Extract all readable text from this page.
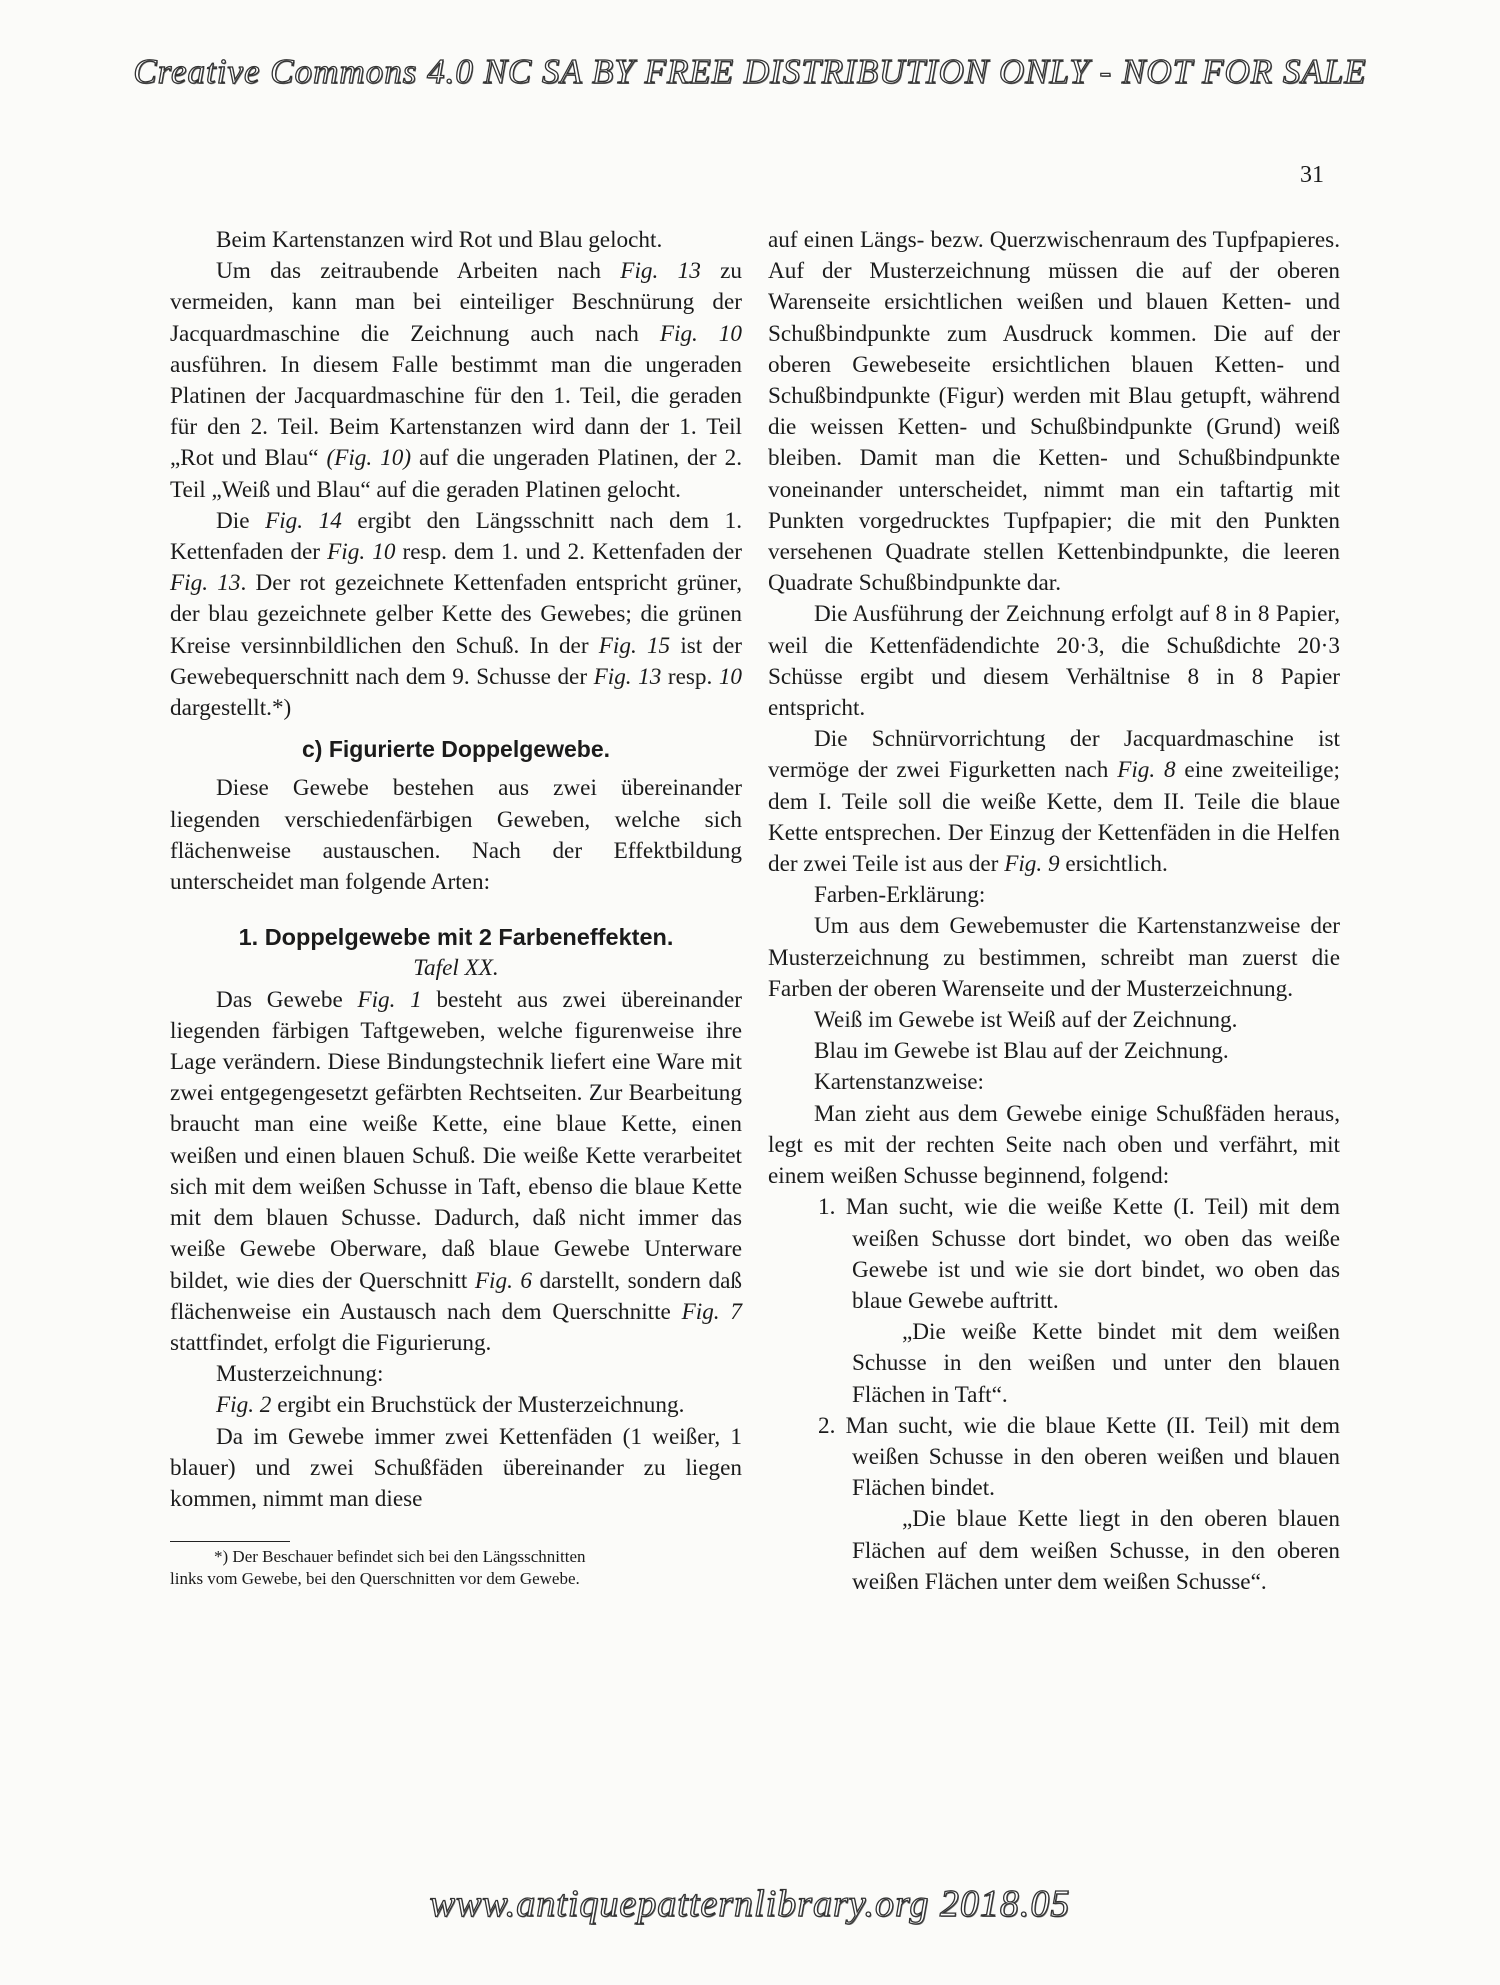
Creative Commons 4.0 NC SA BY FREE DISTRIBUTION ONLY - NOT FOR SALE
31

Beim Kartenstanzen wird Rot und Blau gelocht.

Um das zeitraubende Arbeiten nach Fig. 13 zu vermeiden, kann man bei einteiliger Beschnürung der Jacquardmaschine die Zeichnung auch nach Fig. 10 ausführen. In diesem Falle bestimmt man die ungeraden Platinen der Jacquardmaschine für den 1. Teil, die geraden für den 2. Teil. Beim Kartenstanzen wird dann der 1. Teil „Rot und Blau“ (Fig. 10) auf die ungeraden Platinen, der 2. Teil „Weiß und Blau“ auf die geraden Platinen gelocht.

Die Fig. 14 ergibt den Längsschnitt nach dem 1. Kettenfaden der Fig. 10 resp. dem 1. und 2. Kettenfaden der Fig. 13. Der rot gezeichnete Kettenfaden entspricht grüner, der blau gezeichnete gelber Kette des Gewebes; die grünen Kreise versinnbildlichen den Schuß. In der Fig. 15 ist der Gewebequerschnitt nach dem 9. Schusse der Fig. 13 resp. 10 dargestellt.*)

c) Figurierte Doppelgewebe.

Diese Gewebe bestehen aus zwei übereinander liegenden verschiedenfärbigen Geweben, welche sich flächenweise austauschen. Nach der Effektbildung unterscheidet man folgende Arten:

1. Doppelgewebe mit 2 Farbeneffekten.
Tafel XX.

Das Gewebe Fig. 1 besteht aus zwei übereinander liegenden färbigen Taftgeweben, welche figurenweise ihre Lage verändern. Diese Bindungstechnik liefert eine Ware mit zwei entgegengesetzt gefärbten Rechtseiten. Zur Bearbeitung braucht man eine weiße Kette, eine blaue Kette, einen weißen und einen blauen Schuß. Die weiße Kette verarbeitet sich mit dem weißen Schusse in Taft, ebenso die blaue Kette mit dem blauen Schusse. Dadurch, daß nicht immer das weiße Gewebe Oberware, daß blaue Gewebe Unterware bildet, wie dies der Querschnitt Fig. 6 darstellt, sondern daß flächenweise ein Austausch nach dem Querschnitte Fig. 7 stattfindet, erfolgt die Figurierung.

Musterzeichnung:

Fig. 2 ergibt ein Bruchstück der Musterzeichnung.

Da im Gewebe immer zwei Kettenfäden (1 weißer, 1 blauer) und zwei Schußfäden übereinander zu liegen kommen, nimmt man diese

*) Der Beschauer befindet sich bei den Längsschnitten
links vom Gewebe, bei den Querschnitten vor dem Gewebe.

auf einen Längs- bezw. Querzwischenraum des Tupfpapieres. Auf der Musterzeichnung müssen die auf der oberen Warenseite ersichtlichen weißen und blauen Ketten- und Schußbindpunkte zum Ausdruck kommen. Die auf der oberen Gewebeseite ersichtlichen blauen Ketten- und Schußbindpunkte (Figur) werden mit Blau getupft, während die weissen Ketten- und Schußbindpunkte (Grund) weiß bleiben. Damit man die Ketten- und Schußbindpunkte voneinander unterscheidet, nimmt man ein taftartig mit Punkten vorgedrucktes Tupfpapier; die mit den Punkten versehenen Quadrate stellen Kettenbindpunkte, die leeren Quadrate Schußbindpunkte dar.

Die Ausführung der Zeichnung erfolgt auf 8 in 8 Papier, weil die Kettenfädendichte 20·3, die Schußdichte 20·3 Schüsse ergibt und diesem Verhältnise 8 in 8 Papier entspricht.

Die Schnürvorrichtung der Jacquardmaschine ist vermöge der zwei Figurketten nach Fig. 8 eine zweiteilige; dem I. Teile soll die weiße Kette, dem II. Teile die blaue Kette entsprechen. Der Einzug der Kettenfäden in die Helfen der zwei Teile ist aus der Fig. 9 ersichtlich.

Farben-Erklärung:

Um aus dem Gewebemuster die Kartenstanzweise der Musterzeichnung zu bestimmen, schreibt man zuerst die Farben der oberen Warenseite und der Musterzeichnung.

Weiß im Gewebe ist Weiß auf der Zeichnung.

Blau im Gewebe ist Blau auf der Zeichnung.

Kartenstanzweise:

Man zieht aus dem Gewebe einige Schußfäden heraus, legt es mit der rechten Seite nach oben und verfährt, mit einem weißen Schusse beginnend, folgend:

1. Man sucht, wie die weiße Kette (I. Teil) mit dem weißen Schusse dort bindet, wo oben das weiße Gewebe ist und wie sie dort bindet, wo oben das blaue Gewebe auftritt.

„Die weiße Kette bindet mit dem weißen Schusse in den weißen und unter den blauen Flächen in Taft“.

2. Man sucht, wie die blaue Kette (II. Teil) mit dem weißen Schusse in den oberen weißen und blauen Flächen bindet.

„Die blaue Kette liegt in den oberen blauen Flächen auf dem weißen Schusse, in den oberen weißen Flächen unter dem weißen Schusse“.

www.antiquepatternlibrary.org 2018.05
